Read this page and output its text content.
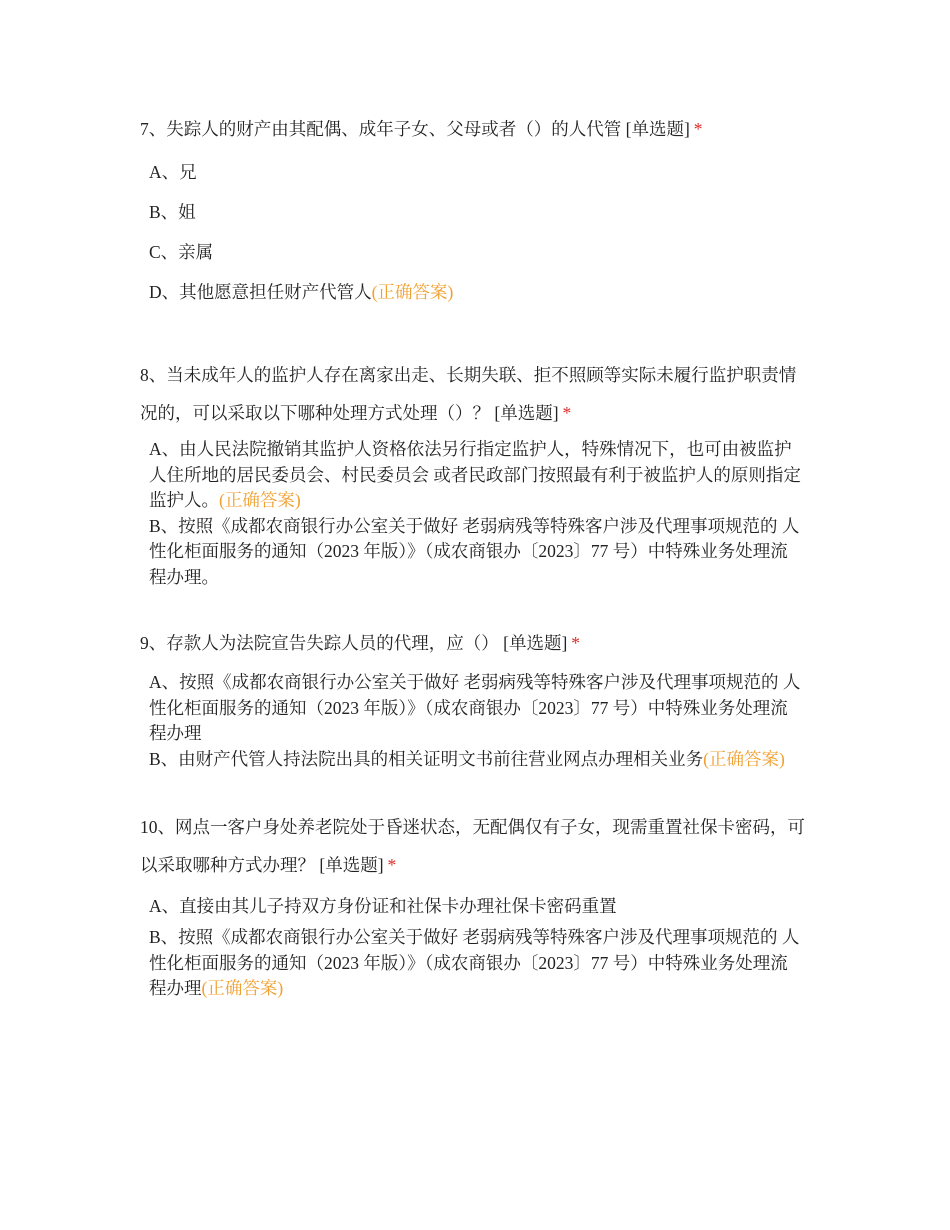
7、失踪人的财产由其配偶、成年子女、父母或者（）的人代管 [单选题] *

A、兄
B、姐
C、亲属
D、其他愿意担任财产代管人(正确答案)

8、当未成年人的监护人存在离家出走、长期失联、拒不照顾等实际未履行监护职责情况的，可以采取以下哪种处理方式处理（）？ [单选题] *

A、由人民法院撤销其监护人资格依法另行指定监护人，特殊情况下，也可由被监护人住所地的居民委员会、村民委员会 或者民政部门按照最有利于被监护人的原则指定监护人。(正确答案)
B、按照《成都农商银行办公室关于做好 老弱病残等特殊客户涉及代理事项规范的 人性化柜面服务的通知（2023 年版）》（成农商银办〔2023〕77 号）中特殊业务处理流程办理。

9、存款人为法院宣告失踪人员的代理，应（） [单选题] *

A、按照《成都农商银行办公室关于做好 老弱病残等特殊客户涉及代理事项规范的 人性化柜面服务的通知（2023 年版）》（成农商银办〔2023〕77 号）中特殊业务处理流程办理
B、由财产代管人持法院出具的相关证明文书前往营业网点办理相关业务(正确答案)

10、网点一客户身处养老院处于昏迷状态，无配偶仅有子女，现需重置社保卡密码，可以采取哪种方式办理？ [单选题] *

A、直接由其儿子持双方身份证和社保卡办理社保卡密码重置
B、按照《成都农商银行办公室关于做好 老弱病残等特殊客户涉及代理事项规范的 人性化柜面服务的通知（2023 年版）》（成农商银办〔2023〕77 号）中特殊业务处理流程办理(正确答案)
